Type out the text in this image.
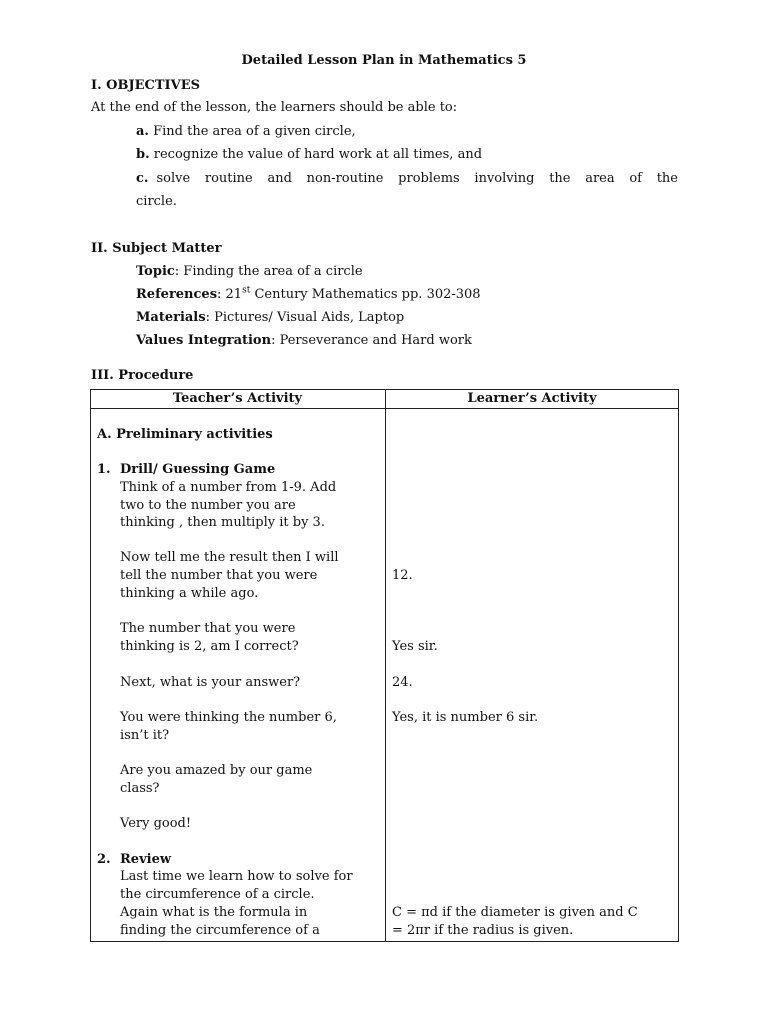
Detailed Lesson Plan in Mathematics 5
I. OBJECTIVES
At the end of the lesson, the learners should be able to:
a. Find the area of a given circle,
b. recognize the value of hard work at all times, and
c. solve routine and non-routine problems involving the area of the
circle.
II. Subject Matter
Topic: Finding the area of a circle
References: 21st Century Mathematics pp. 302-308
Materials: Pictures/ Visual Aids, Laptop
Values Integration: Perseverance and Hard work
III. Procedure
Teacher’s Activity	Learner’s Activity
A. Preliminary activities
1. Drill/ Guessing Game
Think of a number from 1-9. Add
two to the number you are
thinking , then multiply it by 3.
Now tell me the result then I will
tell the number that you were
thinking a while ago.
The number that you were
thinking is 2, am I correct?
Next, what is your answer?
You were thinking the number 6,
isn’t it?
Are you amazed by our game
class?
Very good!
2. Review
Last time we learn how to solve for
the circumference of a circle.
Again what is the formula in
finding the circumference of a
12.
Yes sir.
24.
Yes, it is number 6 sir.
C = πd if the diameter is given and C
= 2πr if the radius is given.
